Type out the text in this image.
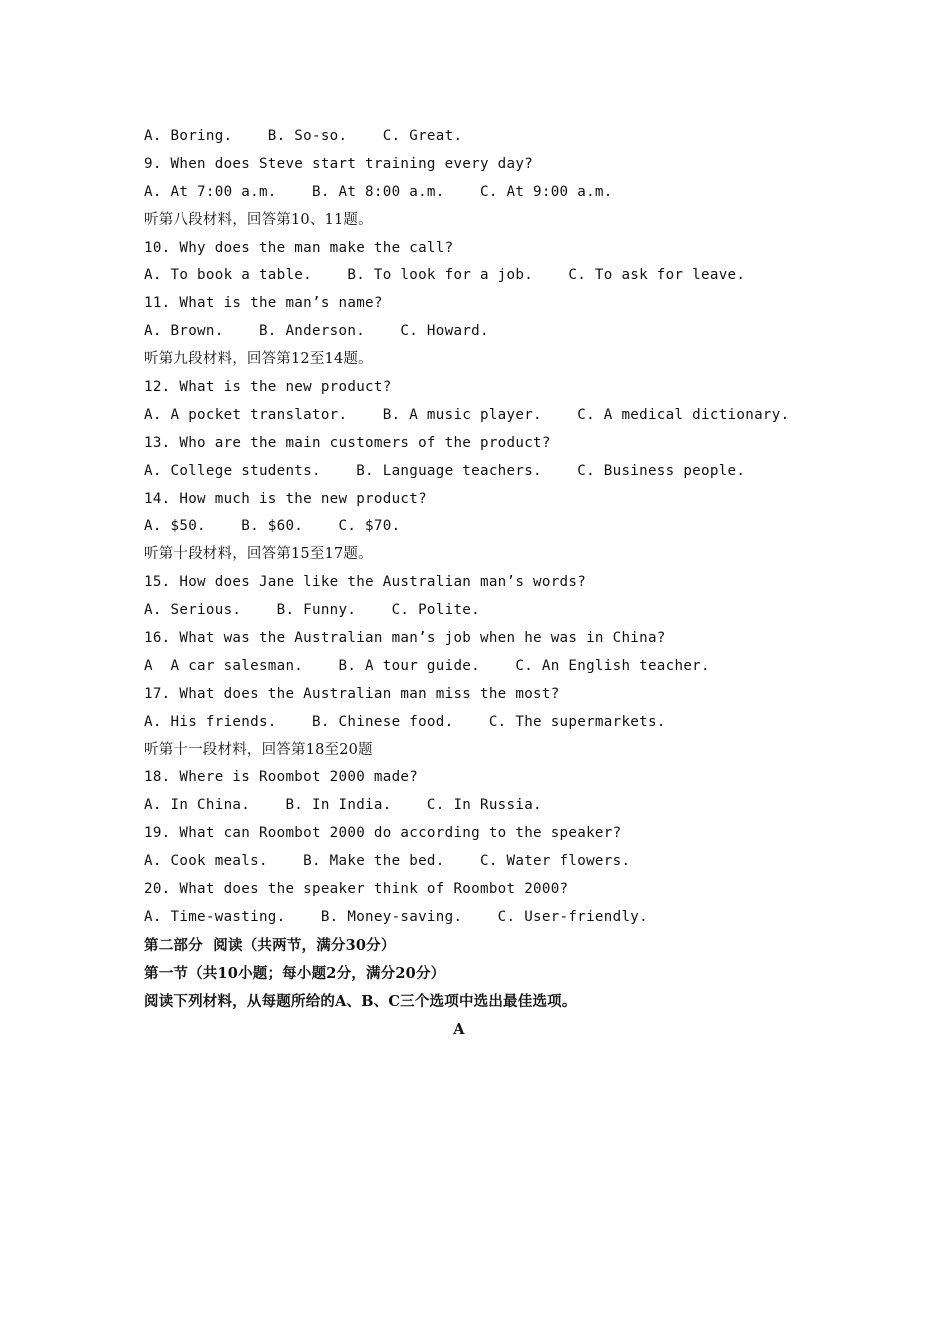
A. Boring.    B. So-so.    C. Great.
9. When does Steve start training every day?
A. At 7:00 a.m.    B. At 8:00 a.m.    C. At 9:00 a.m.
听第八段材料，回答第10、11题。
10. Why does the man make the call?
A. To book a table.    B. To look for a job.    C. To ask for leave.
11. What is the man’s name?
A. Brown.    B. Anderson.    C. Howard.
听第九段材料，回答第12至14题。
12. What is the new product?
A. A pocket translator.    B. A music player.    C. A medical dictionary.
13. Who are the main customers of the product?
A. College students.    B. Language teachers.    C. Business people.
14. How much is the new product?
A. $50.    B. $60.    C. $70.
听第十段材料，回答第15至17题。
15. How does Jane like the Australian man’s words?
A. Serious.    B. Funny.    C. Polite.
16. What was the Australian man’s job when he was in China?
A  A car salesman.    B. A tour guide.    C. An English teacher.
17. What does the Australian man miss the most?
A. His friends.    B. Chinese food.    C. The supermarkets.
听第十一段材料，回答第18至20题
18. Where is Roombot 2000 made?
A. In China.    B. In India.    C. In Russia.
19. What can Roombot 2000 do according to the speaker?
A. Cook meals.    B. Make the bed.    C. Water flowers.
20. What does the speaker think of Roombot 2000?
A. Time-wasting.    B. Money-saving.    C. User-friendly.
第二部分  阅读（共两节，满分30分）
第一节（共10小题；每小题2分，满分20分）
阅读下列材料，从每题所给的A、B、C三个选项中选出最佳选项。
A
